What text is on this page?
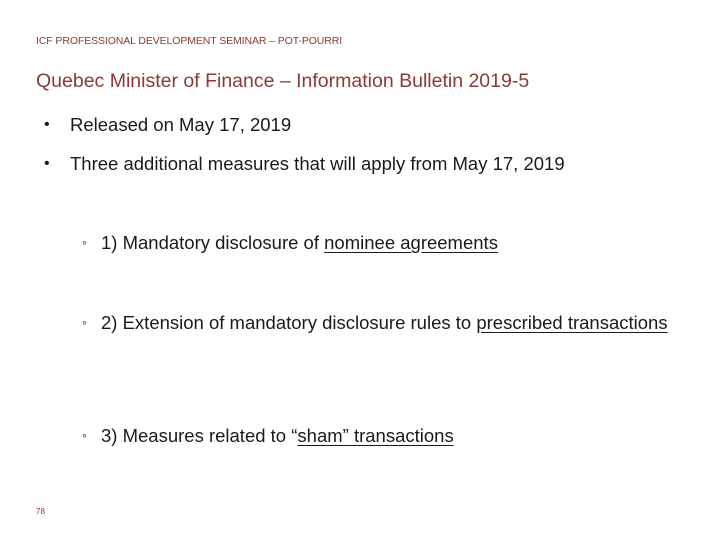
ICF PROFESSIONAL DEVELOPMENT SEMINAR – POT-POURRI
Quebec Minister of Finance – Information Bulletin 2019-5
• Released on May 17, 2019
• Three additional measures that will apply from May 17, 2019
◦ 1) Mandatory disclosure of nominee agreements
◦ 2) Extension of mandatory disclosure rules to prescribed transactions
◦ 3) Measures related to “sham” transactions
78
